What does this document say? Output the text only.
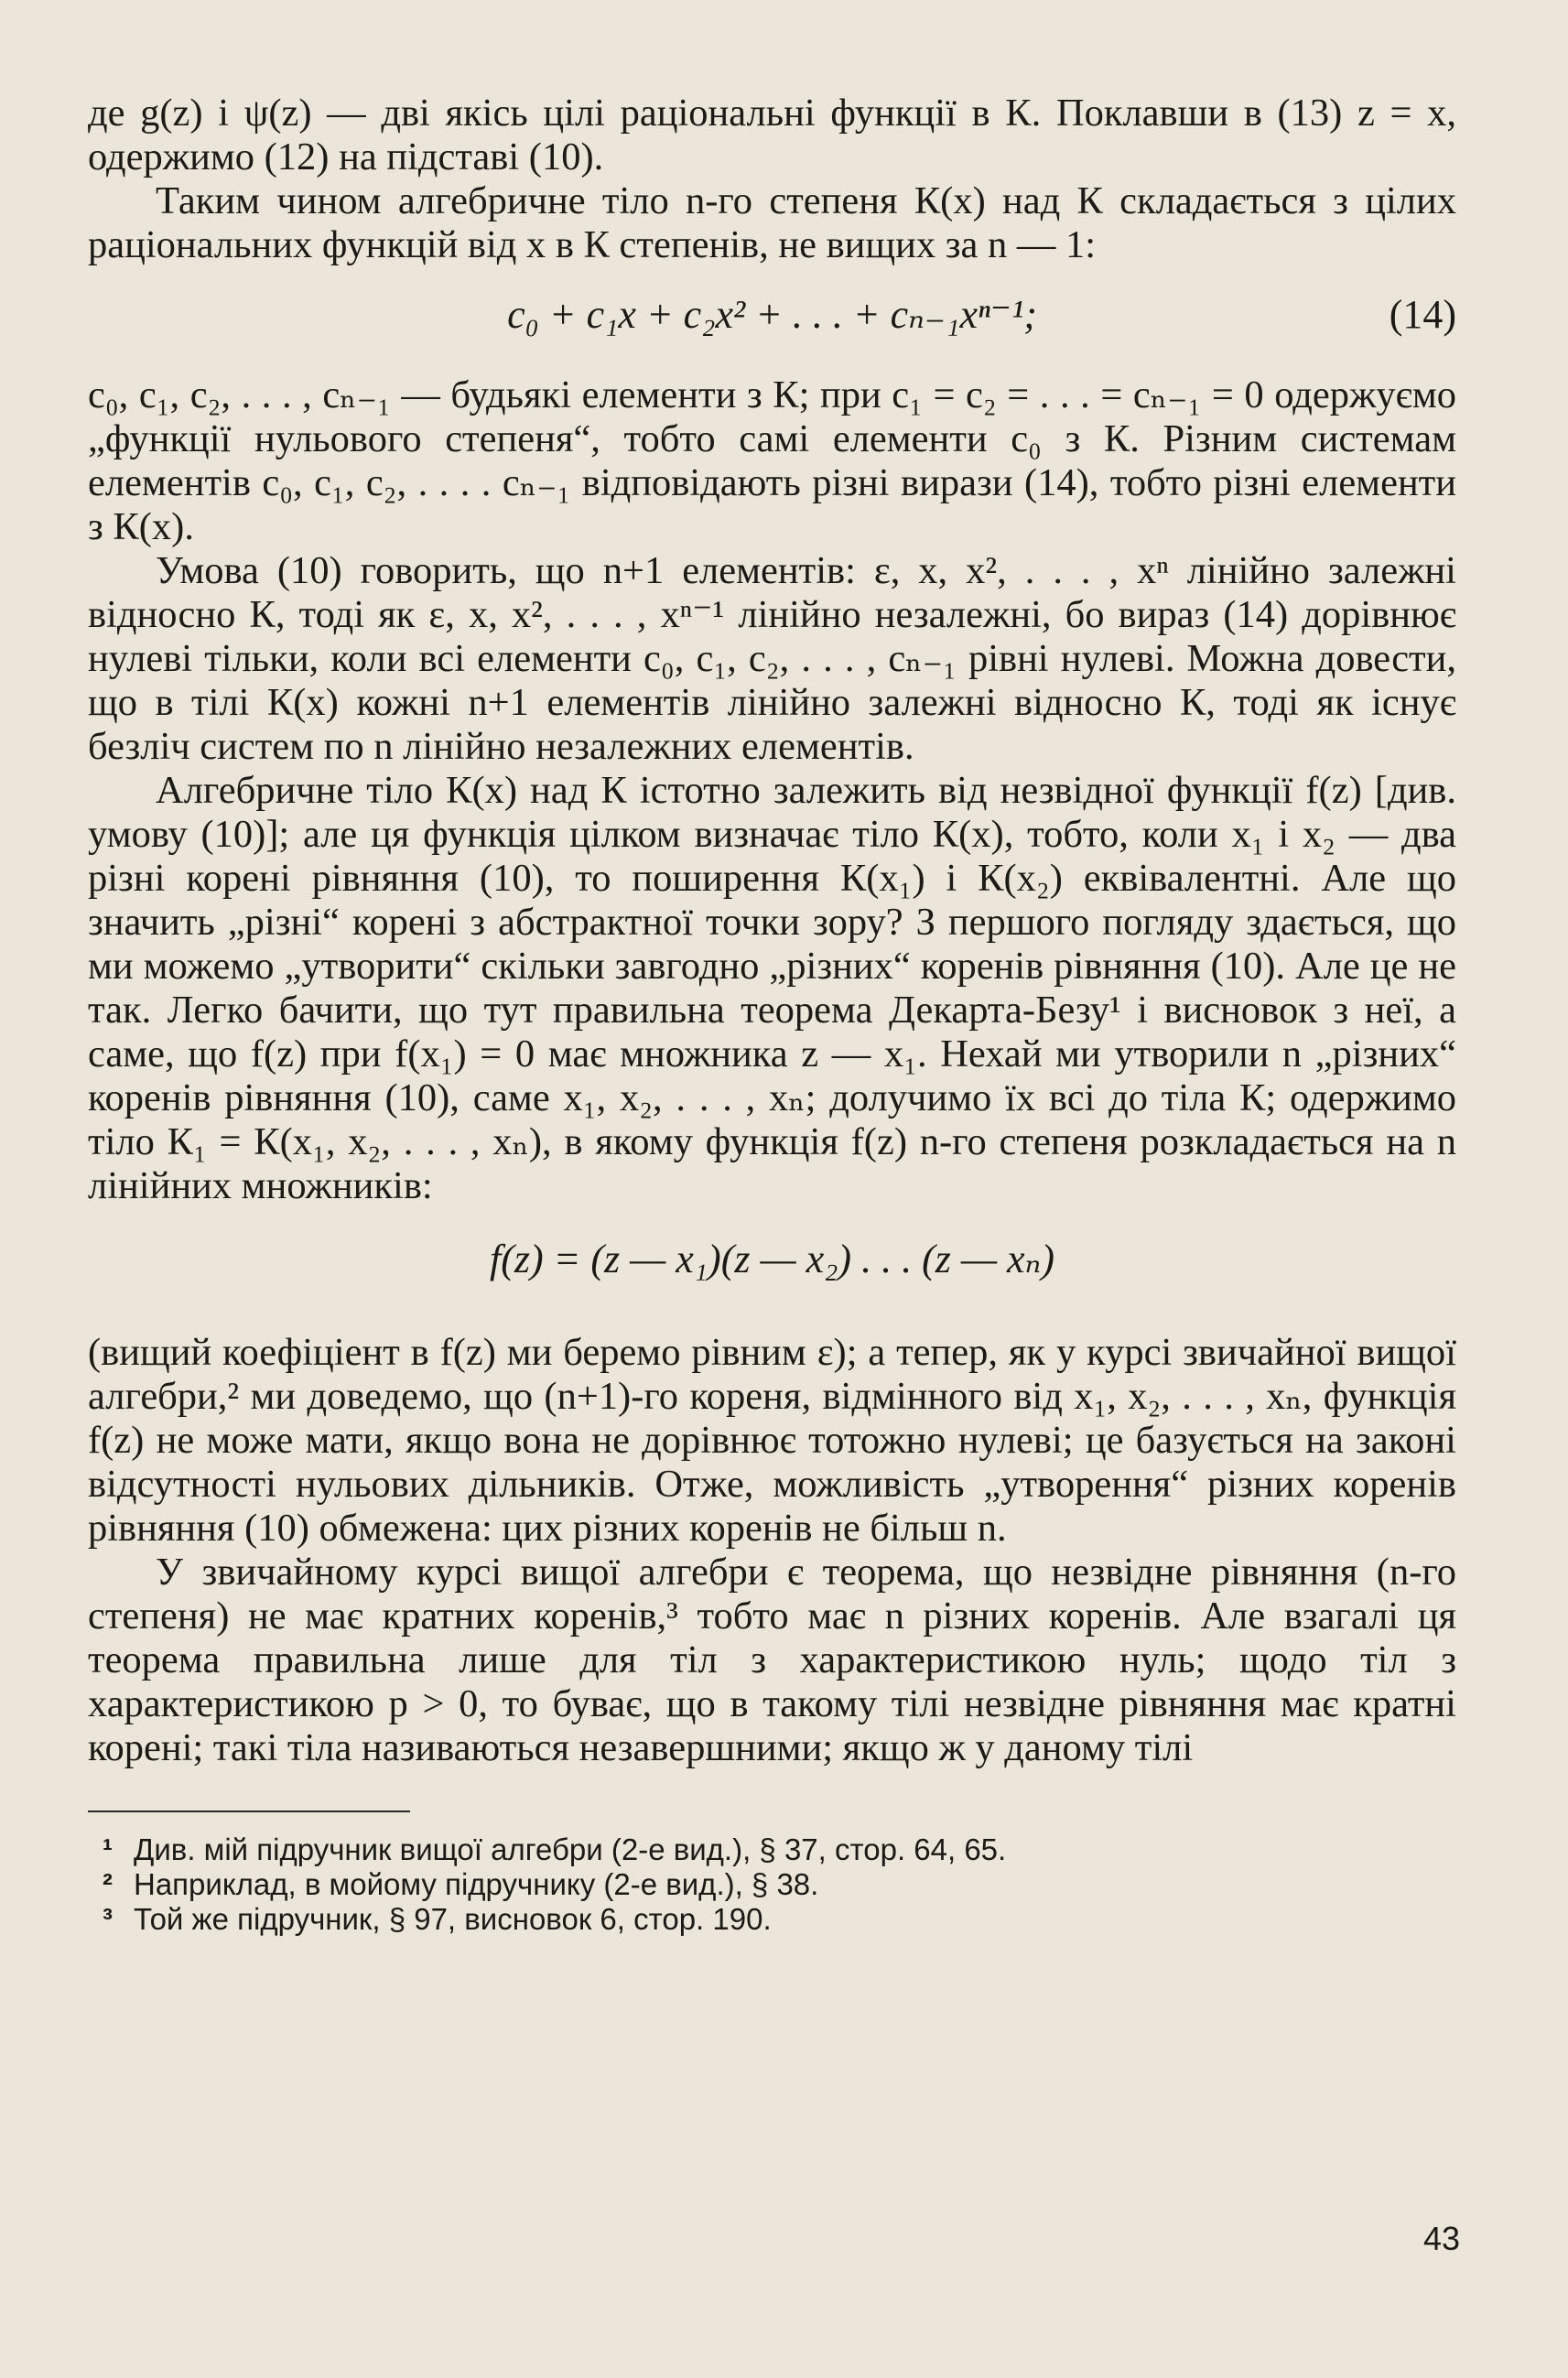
де g(z) і ψ(z) — дві якісь цілі раціональні функції в К. Поклавши в (13) z = x, одержимо (12) на підставі (10).

Таким чином алгебричне тіло n-го степеня К(x) над К складається з цілих раціональних функцій від x в К степенів, не вищих за n — 1:

c₀ + c₁x + c₂x² + . . . + cₙ₋₁xⁿ⁻¹;	(14)

c₀, c₁, c₂, . . . , cₙ₋₁ — будьякі елементи з К; при c₁ = c₂ = . . . = cₙ₋₁ = 0 одержуємо „функції нульового степеня“, тобто самі елементи c₀ з К. Різним системам елементів c₀, c₁, c₂, . . . . cₙ₋₁ відповідають різні вирази (14), тобто різні елементи з К(x).

Умова (10) говорить, що n+1 елементів: ε, x, x², . . . , xⁿ лінійно залежні відносно К, тоді як ε, x, x², . . . , xⁿ⁻¹ лінійно незалежні, бо вираз (14) дорівнює нулеві тільки, коли всі елементи c₀, c₁, c₂, . . . , cₙ₋₁ рівні нулеві. Можна довести, що в тілі К(x) кожні n+1 елементів лінійно залежні відносно К, тоді як існує безліч систем по n лінійно незалежних елементів.

Алгебричне тіло К(x) над К істотно залежить від незвідної функції f(z) [див. умову (10)]; але ця функція цілком визначає тіло К(x), тобто, коли x₁ і x₂ — два різні корені рівняння (10), то поширення К(x₁) і К(x₂) еквівалентні. Але що значить „різні“ корені з абстрактної точки зору? З першого погляду здається, що ми можемо „утворити“ скільки завгодно „різних“ коренів рівняння (10). Але це не так. Легко бачити, що тут правильна теорема Декарта-Безу¹ і висновок з неї, а саме, що f(z) при f(x₁) = 0 має множника z — x₁. Нехай ми утворили n „різних“ коренів рівняння (10), саме x₁, x₂, . . . , xₙ; долучимо їх всі до тіла К; одержимо тіло К₁ = К(x₁, x₂, . . . , xₙ), в якому функція f(z) n-го степеня розкладається на n лінійних множників:

f(z) = (z — x₁)(z — x₂) . . . (z — xₙ)

(вищий коефіціент в f(z) ми беремо рівним ε); а тепер, як у курсі звичайної вищої алгебри,² ми доведемо, що (n+1)-го кореня, відмінного від x₁, x₂, . . . , xₙ, функція f(z) не може мати, якщо вона не дорівнює тотожно нулеві; це базується на законі відсутності нульових дільників. Отже, можливість „утворення“ різних коренів рівняння (10) обмежена: цих різних коренів не більш n.

У звичайному курсі вищої алгебри є теорема, що незвідне рівняння (n-го степеня) не має кратних коренів,³ тобто має n різних коренів. Але взагалі ця теорема правильна лише для тіл з характеристикою нуль; щодо тіл з характеристикою p > 0, то буває, що в такому тілі незвідне рівняння має кратні корені; такі тіла називаються незавершними; якщо ж у даному тілі

¹ Див. мій підручник вищої алгебри (2-е вид.), § 37, стор. 64, 65.

² Наприклад, в мойому підручнику (2-е вид.), § 38.

³ Той же підручник, § 97, висновок 6, стор. 190.

43
